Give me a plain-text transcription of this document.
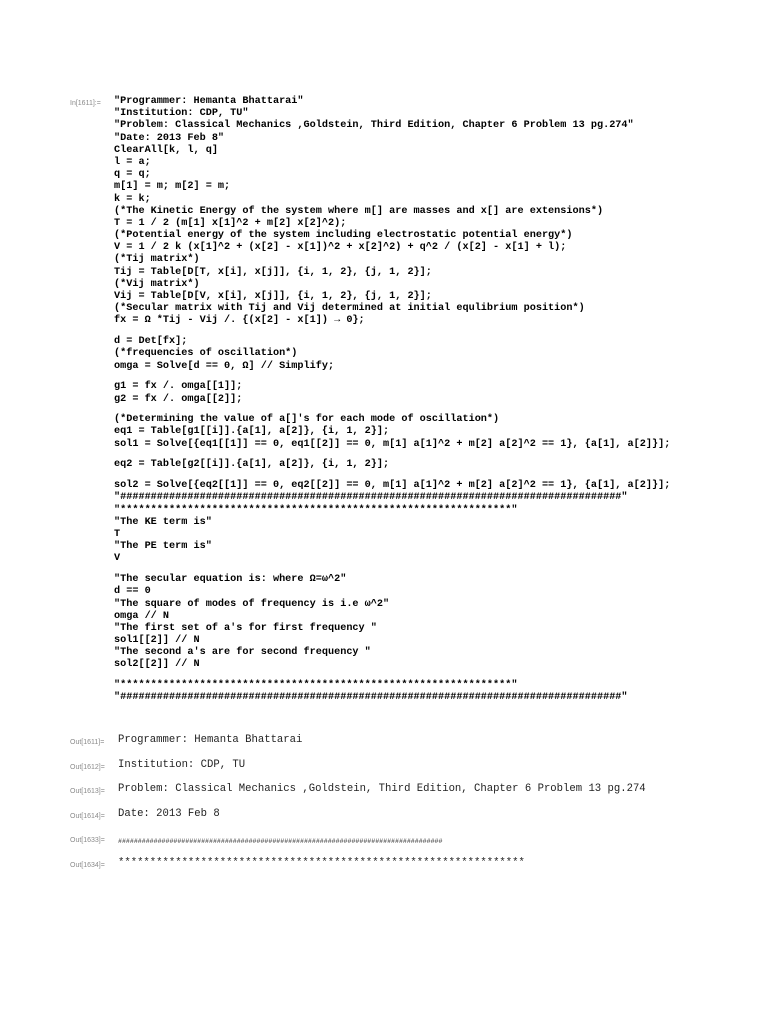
In[1611]:= "Programmer: Hemanta Bhattarai"
"Institution: CDP, TU"
"Problem: Classical Mechanics ,Goldstein, Third Edition, Chapter 6 Problem 13 pg.274"
"Date: 2013 Feb 8"
ClearAll[k, l, q]
l = a;
q = q;
m[1] = m; m[2] = m;
k = k;
(*The Kinetic Energy of the system where m[] are masses and x[] are extensions*)
T = 1 / 2 (m[1] x[1]^2 + m[2] x[2]^2);
(*Potential energy of the system including electrostatic potential energy*)
V = 1 / 2 k (x[1]^2 + (x[2] - x[1])^2 + x[2]^2) + q^2 / (x[2] - x[1] + l);
(*Tij matrix*)
Tij = Table[D[T, x[i], x[j]], {i, 1, 2}, {j, 1, 2}];
(*Vij matrix*)
Vij = Table[D[V, x[i], x[j]], {i, 1, 2}, {j, 1, 2}];
(*Secular matrix with Tij and Vij determined at initial equlibrium position*)
fx = Ω *Tij - Vij /. {(x[2] - x[1]) → 0};
d = Det[fx];
(*frequencies of oscillation*)
omga = Solve[d == 0, Ω] // Simplify;
g1 = fx /. omga[[1]];
g2 = fx /. omga[[2]];
(*Determining the value of a[]'s for each mode of oscillation*)
eq1 = Table[g1[[i]].{a[1], a[2]}, {i, 1, 2}];
sol1 = Solve[{eq1[[1]] == 0, eq1[[2]] == 0, m[1] a[1]^2 + m[2] a[2]^2 == 1}, {a[1], a[2]}];
eq2 = Table[g2[[i]].{a[1], a[2]}, {i, 1, 2}];
sol2 = Solve[{eq2[[1]] == 0, eq2[[2]] == 0, m[1] a[1]^2 + m[2] a[2]^2 == 1}, {a[1], a[2]}];
"##################################################################################"
"****************************************************************"
"The KE term is"
T
"The PE term is"
V
"The secular equation is: where Ω=ω^2"
d == 0
"The square of modes of frequency is i.e ω^2"
omga // N
"The first set of a's for first frequency "
sol1[[2]] // N
"The second a's are for second frequency "
sol2[[2]] // N
"****************************************************************"
"##################################################################################"
Out[1611]= Programmer: Hemanta Bhattarai
Out[1612]= Institution: CDP, TU
Out[1613]= Problem: Classical Mechanics ,Goldstein, Third Edition, Chapter 6 Problem 13 pg.274
Out[1614]= Date: 2013 Feb 8
Out[1633]= ##################################################################################
Out[1634]= ****************************************************************
